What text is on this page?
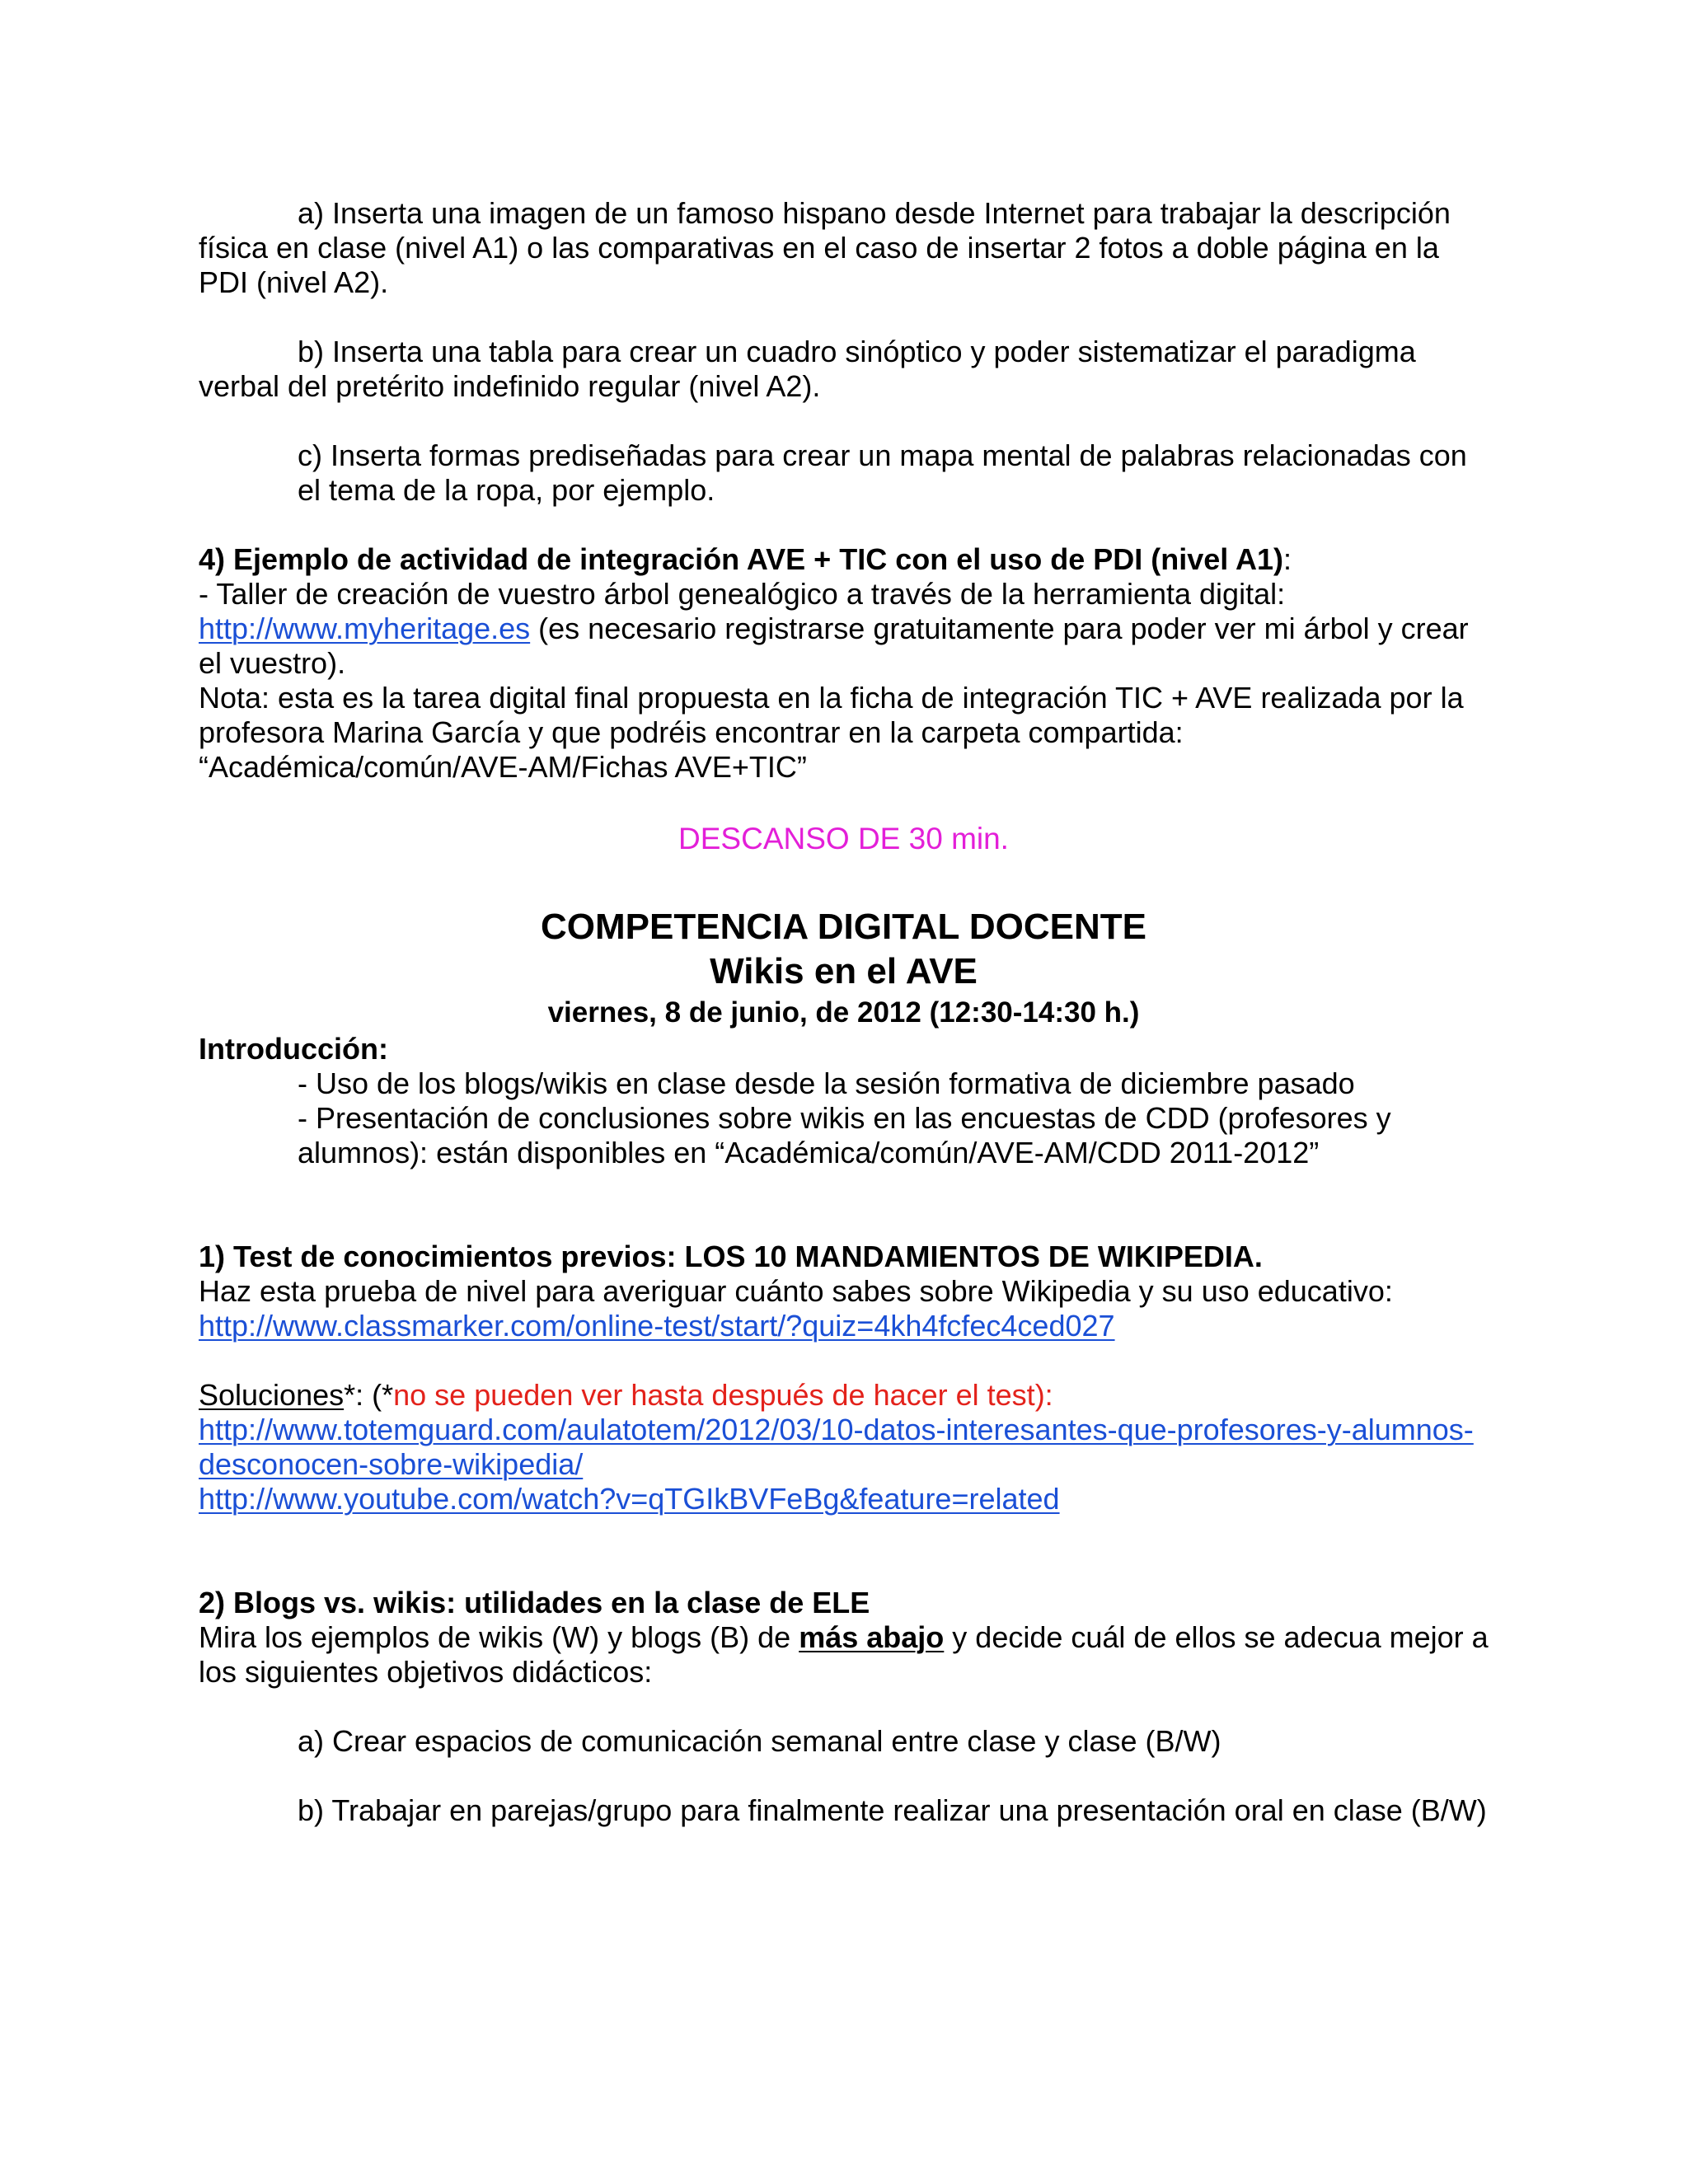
a) Inserta una imagen de un famoso hispano desde Internet para trabajar la descripción física en clase (nivel A1) o las comparativas en el caso de insertar 2 fotos a doble página en la PDI (nivel A2).

b) Inserta una tabla para crear un cuadro sinóptico y poder sistematizar el paradigma verbal del pretérito indefinido regular (nivel A2).

c) Inserta formas prediseñadas para crear un mapa mental de palabras relacionadas con el tema de la ropa, por ejemplo.

4) Ejemplo de actividad de integración AVE + TIC con el uso de PDI (nivel A1):
- Taller de creación de vuestro árbol genealógico a través de la herramienta digital: http://www.myheritage.es (es necesario registrarse gratuitamente para poder ver mi árbol y crear el vuestro).
Nota: esta es la tarea digital final propuesta en la ficha de integración TIC + AVE realizada por la profesora Marina García y que podréis encontrar en la carpeta compartida: “Académica/común/AVE-AM/Fichas AVE+TIC”

DESCANSO DE 30 min.

COMPETENCIA DIGITAL DOCENTE

Wikis en el AVE

viernes, 8 de junio, de 2012 (12:30-14:30 h.)

Introducción:

- Uso de los blogs/wikis en clase desde la sesión formativa de diciembre pasado

- Presentación de conclusiones sobre wikis en las encuestas de CDD (profesores y alumnos): están disponibles en “Académica/común/AVE-AM/CDD 2011-2012”

1) Test de conocimientos previos: LOS 10 MANDAMIENTOS DE WIKIPEDIA.
Haz esta prueba de nivel para averiguar cuánto sabes sobre Wikipedia y su uso educativo:
http://www.classmarker.com/online-test/start/?quiz=4kh4fcfec4ced027

Soluciones*: (*no se pueden ver hasta después de hacer el test):
http://www.totemguard.com/aulatotem/2012/03/10-datos-interesantes-que-profesores-y-alumnos-desconocen-sobre-wikipedia/
http://www.youtube.com/watch?v=qTGIkBVFeBg&feature=related

2) Blogs vs. wikis: utilidades en la clase de ELE
Mira los ejemplos de wikis (W) y blogs (B) de más abajo y decide cuál de ellos se adecua mejor a los siguientes objetivos didácticos:

a) Crear espacios de comunicación semanal entre clase y clase (B/W)

b) Trabajar en parejas/grupo para finalmente realizar una presentación oral en clase (B/W)
